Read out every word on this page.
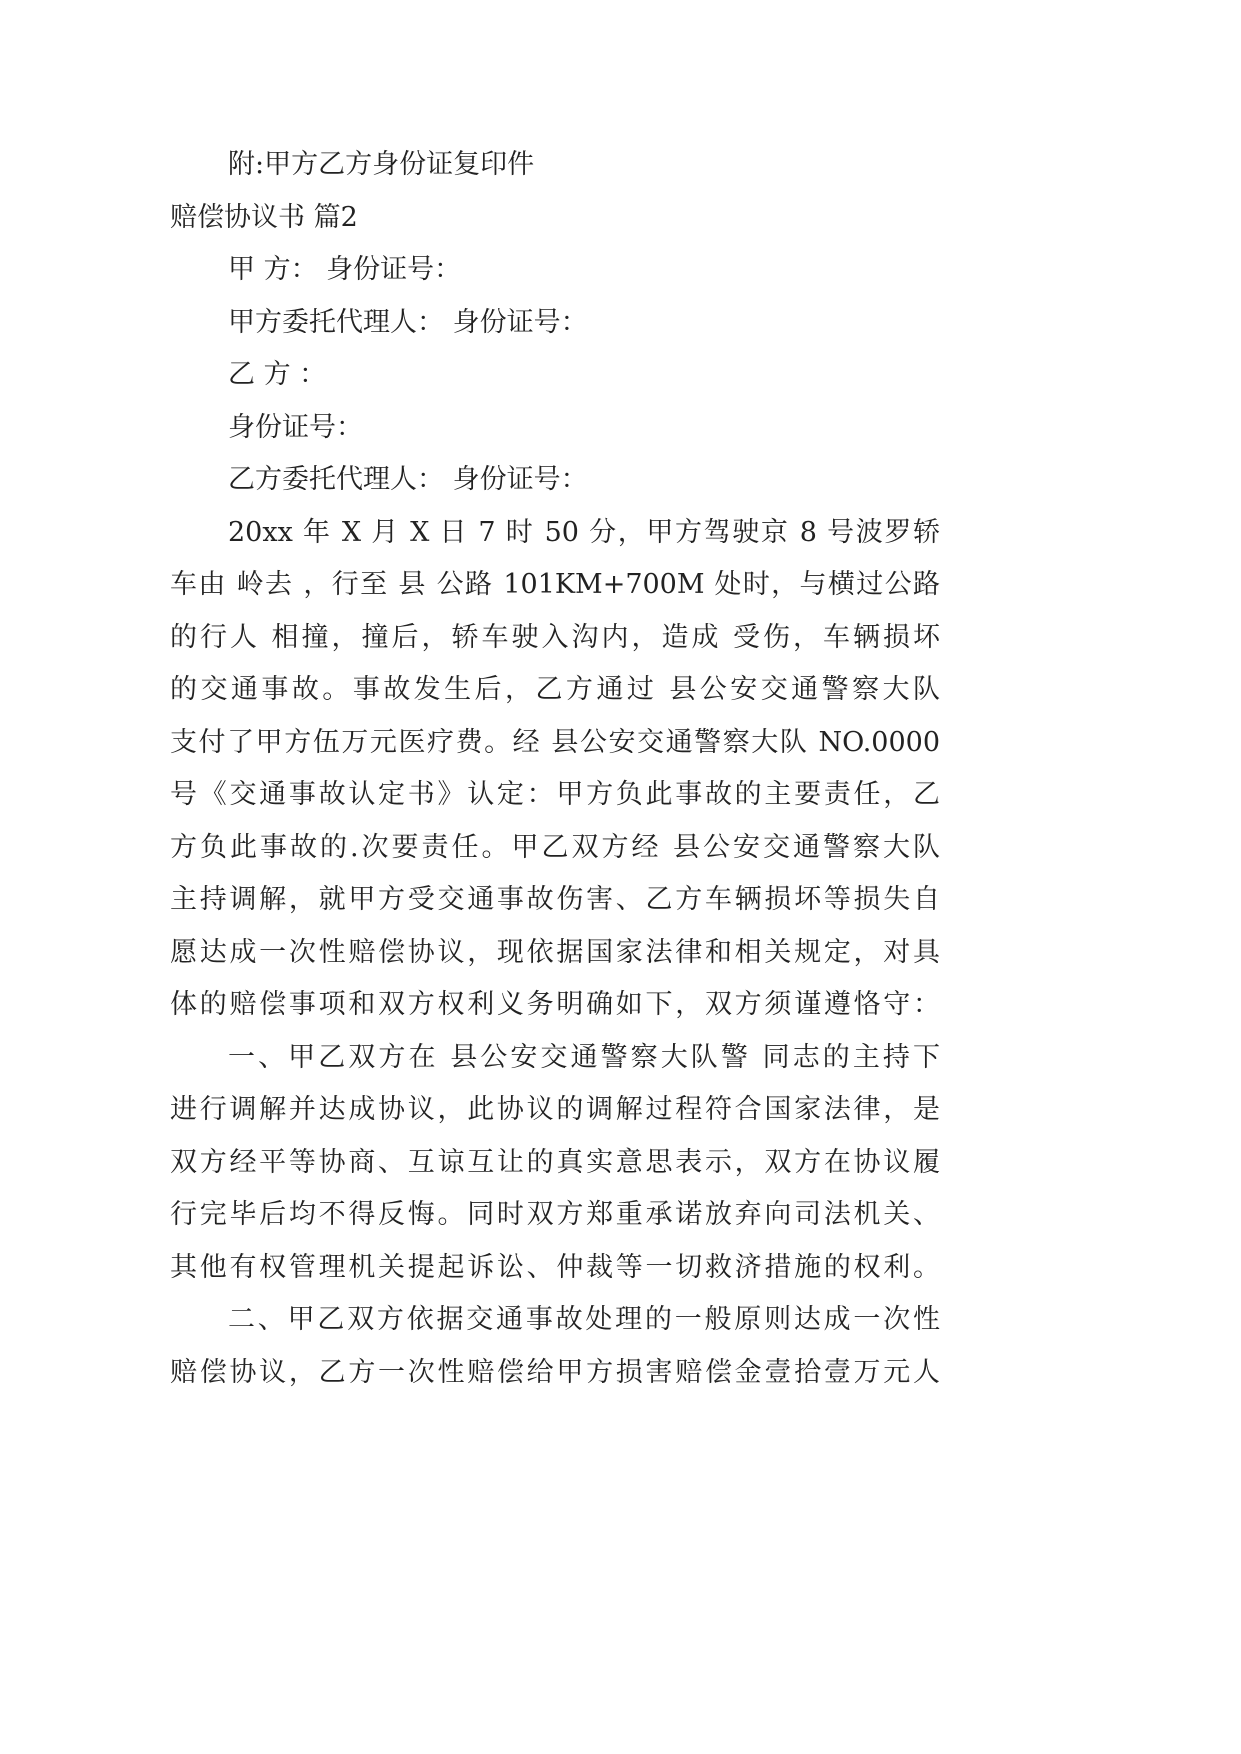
附:甲方乙方身份证复印件
赔偿协议书 篇2
甲 方： 身份证号：
甲方委托代理人： 身份证号：
乙 方 ：
身份证号：
乙方委托代理人： 身份证号：
20xx 年 X 月 X 日 7 时 50 分，甲方驾驶京 8 号波罗轿
车由 岭去 ，行至 县 公路 101KM+700M 处时，与横过公路
的行人 相撞，撞后，轿车驶入沟内，造成 受伤，车辆损坏
的交通事故。事故发生后，乙方通过 县公安交通警察大队
支付了甲方伍万元医疗费。经 县公安交通警察大队 NO.0000
号《交通事故认定书》认定：甲方负此事故的主要责任，乙
方负此事故的.次要责任。甲乙双方经 县公安交通警察大队
主持调解，就甲方受交通事故伤害、乙方车辆损坏等损失自
愿达成一次性赔偿协议，现依据国家法律和相关规定，对具
体的赔偿事项和双方权利义务明确如下，双方须谨遵恪守：
一、甲乙双方在 县公安交通警察大队警 同志的主持下
进行调解并达成协议，此协议的调解过程符合国家法律，是
双方经平等协商、互谅互让的真实意思表示，双方在协议履
行完毕后均不得反悔。同时双方郑重承诺放弃向司法机关、
其他有权管理机关提起诉讼、仲裁等一切救济措施的权利。
二、甲乙双方依据交通事故处理的一般原则达成一次性
赔偿协议，乙方一次性赔偿给甲方损害赔偿金壹拾壹万元人
